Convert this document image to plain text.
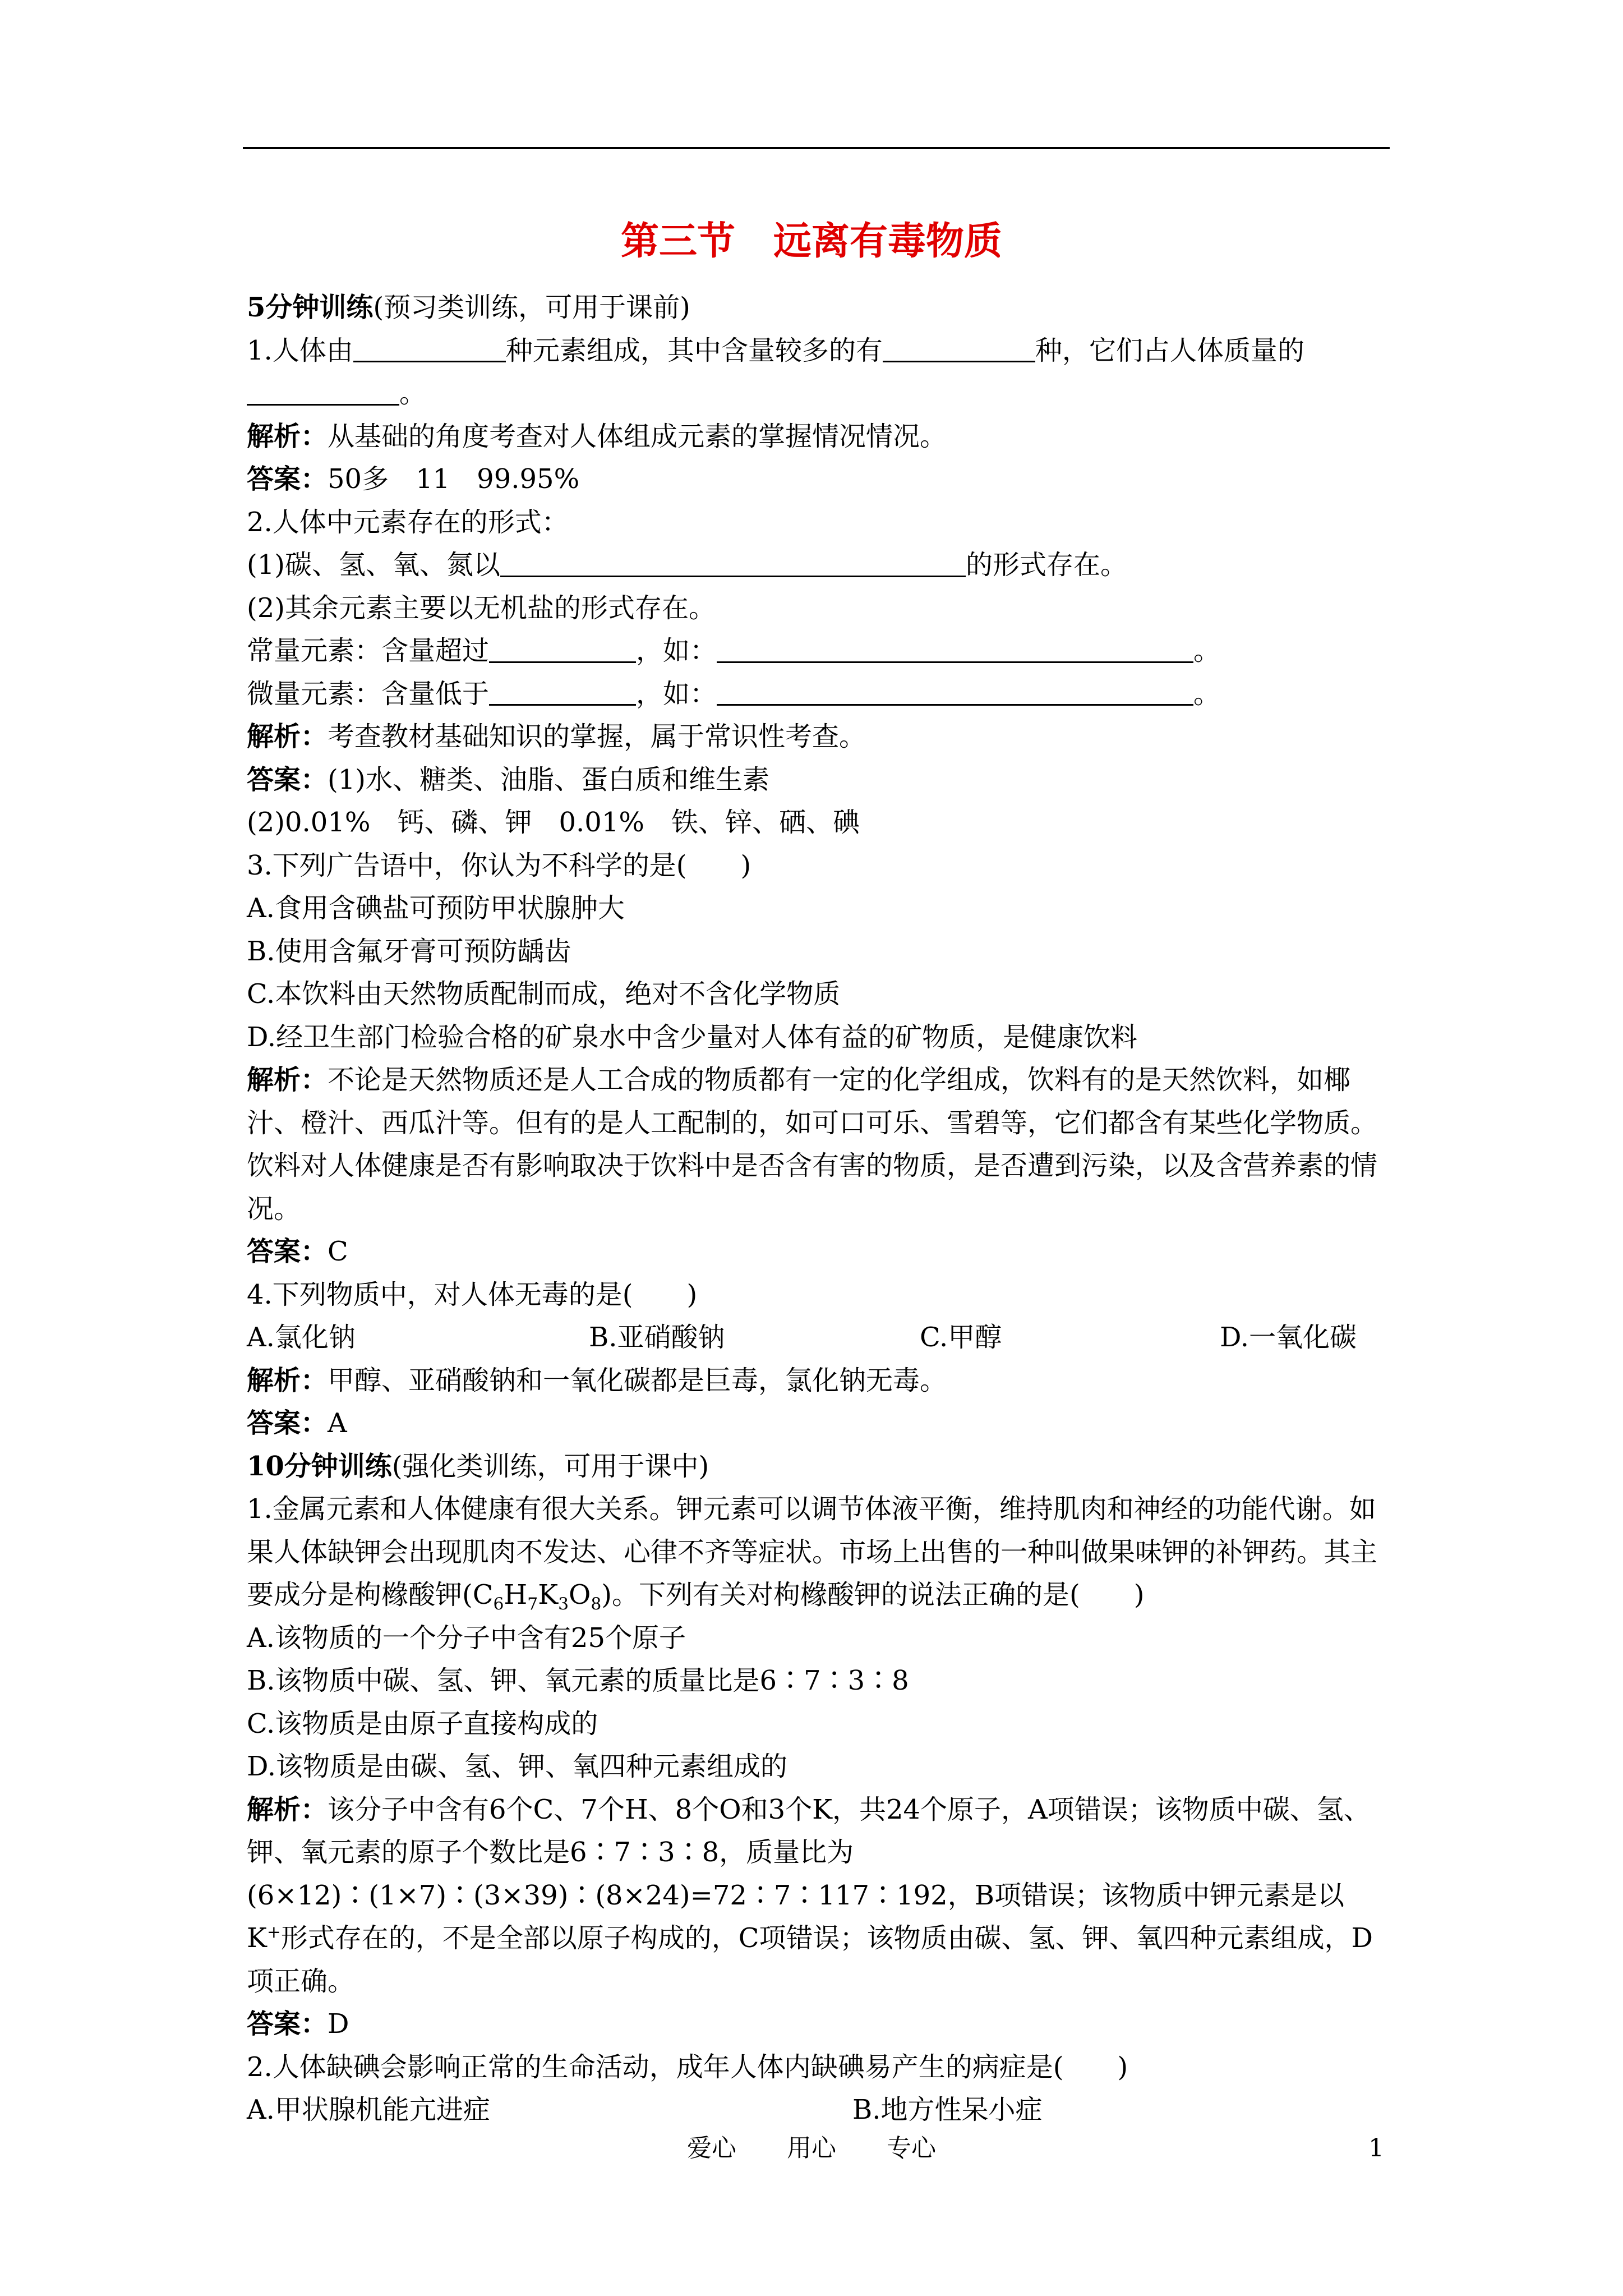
第三节　远离有毒物质
5分钟训练(预习类训练，可用于课前)
1.人体由	种元素组成，其中含量较多的有	种，它们占人体质量的
。
解析：从基础的角度考查对人体组成元素的掌握情况情况。
答案：50多　11　99.95%
2.人体中元素存在的形式：
(1)碳、氢、氧、氮以	的形式存在。
(2)其余元素主要以无机盐的形式存在。
常量元素：含量超过	，如：	。
微量元素：含量低于	，如：	。
解析：考查教材基础知识的掌握，属于常识性考查。
答案：(1)水、糖类、油脂、蛋白质和维生素
(2)0.01%　钙、磷、钾　0.01%　铁、锌、硒、碘
3.下列广告语中，你认为不科学的是(　　)
A.食用含碘盐可预防甲状腺肿大
B.使用含氟牙膏可预防龋齿
C.本饮料由天然物质配制而成，绝对不含化学物质
D.经卫生部门检验合格的矿泉水中含少量对人体有益的矿物质，是健康饮料
解析：不论是天然物质还是人工合成的物质都有一定的化学组成，饮料有的是天然饮料，如椰汁、橙汁、西瓜汁等。但有的是人工配制的，如可口可乐、雪碧等，它们都含有某些化学物质。饮料对人体健康是否有影响取决于饮料中是否含有害的物质，是否遭到污染，以及含营养素的情况。
答案：C
4.下列物质中，对人体无毒的是(　　)
A.氯化钠	B.亚硝酸钠	C.甲醇	D.一氧化碳
解析：甲醇、亚硝酸钠和一氧化碳都是巨毒，氯化钠无毒。
答案：A
10分钟训练(强化类训练，可用于课中)
1.金属元素和人体健康有很大关系。钾元素可以调节体液平衡，维持肌肉和神经的功能代谢。如果人体缺钾会出现肌肉不发达、心律不齐等症状。市场上出售的一种叫做果味钾的补钾药。其主要成分是枸橼酸钾$(C_6H_7K_3O_8)$。下列有关对枸橼酸钾的说法正确的是(　　)
A.该物质的一个分子中含有25个原子
B.该物质中碳、氢、钾、氧元素的质量比是6∶7∶3∶8
C.该物质是由原子直接构成的
D.该物质是由碳、氢、钾、氧四种元素组成的
解析：该分子中含有6个C、7个H、8个O和3个K，共24个原子，A项错误；该物质中碳、氢、钾、氧元素的原子个数比是6∶7∶3∶8，质量比为(6×12)∶(1×7)∶(3×39)∶(8×24)=72∶7∶117∶192，B项错误；该物质中钾元素是以K+形式存在的，不是全部以原子构成的，C项错误；该物质由碳、氢、钾、氧四种元素组成，D项正确。
答案：D
2.人体缺碘会影响正常的生命活动，成年人体内缺碘易产生的病症是(　　)
A.甲状腺机能亢进症	B.地方性呆小症
爱心 用心 专心	1
